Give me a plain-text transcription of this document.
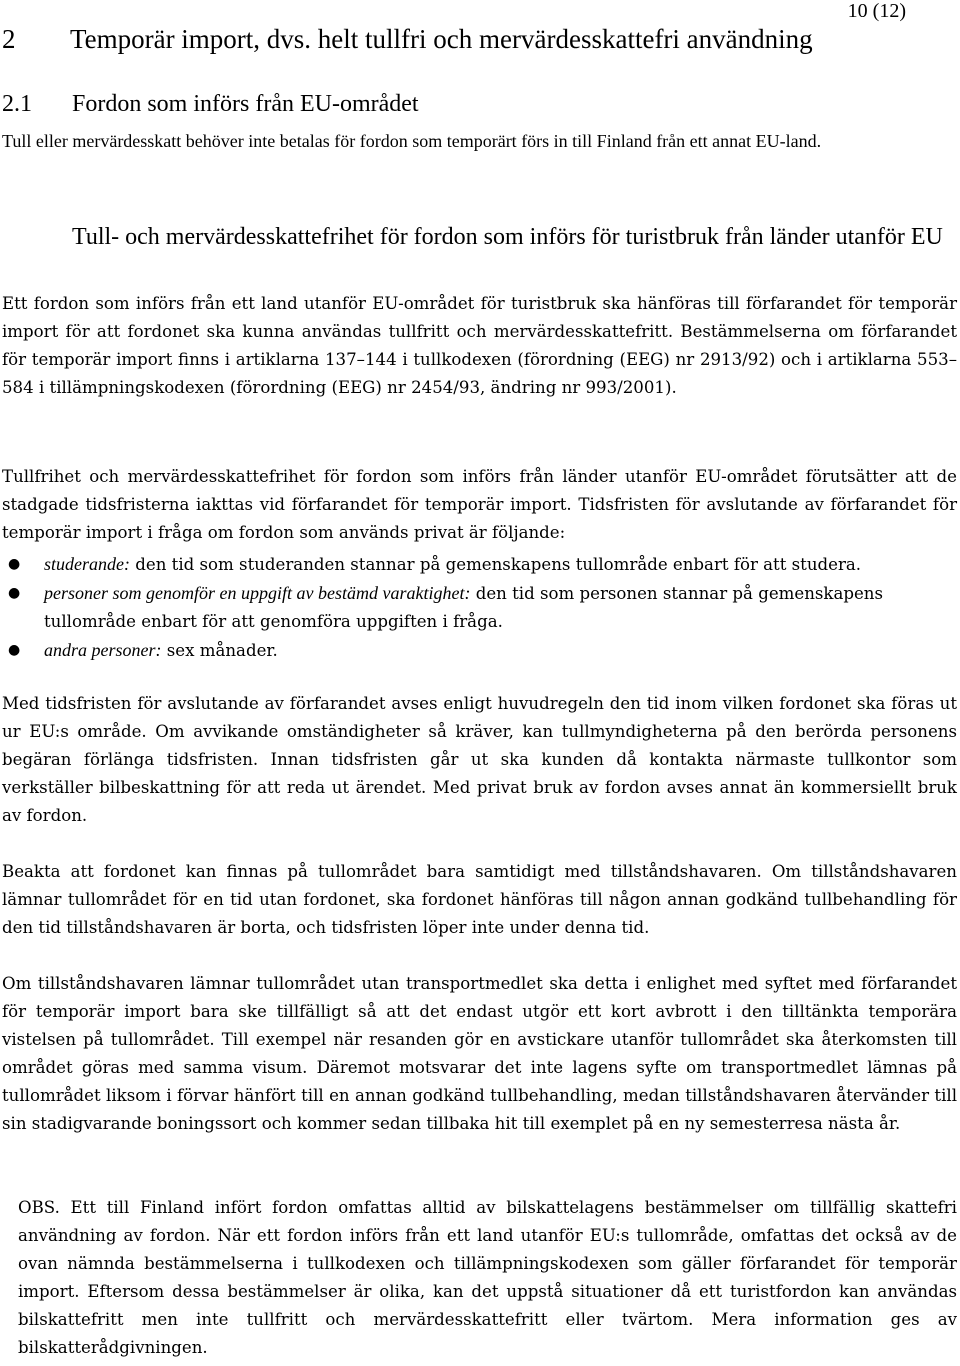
10 (12)
2 Temporär import, dvs. helt tullfri och mervärdesskattefri användning
2.1 Fordon som införs från EU-området
Tull eller mervärdesskatt behöver inte betalas för fordon som temporärt förs in till Finland från ett annat EU-land.
Tull- och mervärdesskattefrihet för fordon som införs för turistbruk från länder utanför EU
Ett fordon som införs från ett land utanför EU-området för turistbruk ska hänföras till förfarandet för temporär import för att fordonet ska kunna användas tullfritt och mervärdesskattefritt. Bestämmelserna om förfarandet för temporär import finns i artiklarna 137–144 i tullkodexen (förordning (EEG) nr 2913/92) och i artiklarna 553–584 i tillämpningskodexen (förordning (EEG) nr 2454/93, ändring nr 993/2001).
Tullfrihet och mervärdesskattefrihet för fordon som införs från länder utanför EU-området förutsätter att de stadgade tidsfristerna iakttas vid förfarandet för temporär import. Tidsfristen för avslutande av förfarandet för temporär import i fråga om fordon som används privat är följande:
● studerande: den tid som studeranden stannar på gemenskapens tullområde enbart för att studera.
● personer som genomför en uppgift av bestämd varaktighet: den tid som personen stannar på gemenskapens tullområde enbart för att genomföra uppgiften i fråga.
● andra personer: sex månader.
Med tidsfristen för avslutande av förfarandet avses enligt huvudregeln den tid inom vilken fordonet ska föras ut ur EU:s område. Om avvikande omständigheter så kräver, kan tullmyndigheterna på den berörda personens begäran förlänga tidsfristen. Innan tidsfristen går ut ska kunden då kontakta närmaste tullkontor som verkställer bilbeskattning för att reda ut ärendet. Med privat bruk av fordon avses annat än kommersiellt bruk av fordon.
Beakta att fordonet kan finnas på tullområdet bara samtidigt med tillståndshavaren. Om tillståndshavaren lämnar tullområdet för en tid utan fordonet, ska fordonet hänföras till någon annan godkänd tullbehandling för den tid tillståndshavaren är borta, och tidsfristen löper inte under denna tid.
Om tillståndshavaren lämnar tullområdet utan transportmedlet ska detta i enlighet med syftet med förfarandet för temporär import bara ske tillfälligt så att det endast utgör ett kort avbrott i den tilltänkta temporära vistelsen på tullområdet. Till exempel när resanden gör en avstickare utanför tullområdet ska återkomsten till området göras med samma visum. Däremot motsvarar det inte lagens syfte om transportmedlet lämnas på tullområdet liksom i förvar hänfört till en annan godkänd tullbehandling, medan tillståndshavaren återvänder till sin stadigvarande boningssort och kommer sedan tillbaka hit till exemplet på en ny semesterresa nästa år.
OBS. Ett till Finland infört fordon omfattas alltid av bilskattelagens bestämmelser om tillfällig skattefri användning av fordon. När ett fordon införs från ett land utanför EU:s tullområde, omfattas det också av de ovan nämnda bestämmelserna i tullkodexen och tillämpningskodexen som gäller förfarandet för temporär import. Eftersom dessa bestämmelser är olika, kan det uppstå situationer då ett turistfordon kan användas bilskattefritt men inte tullfritt och mervärdesskattefritt eller tvärtom. Mera information ges av bilskatterådgivningen.
